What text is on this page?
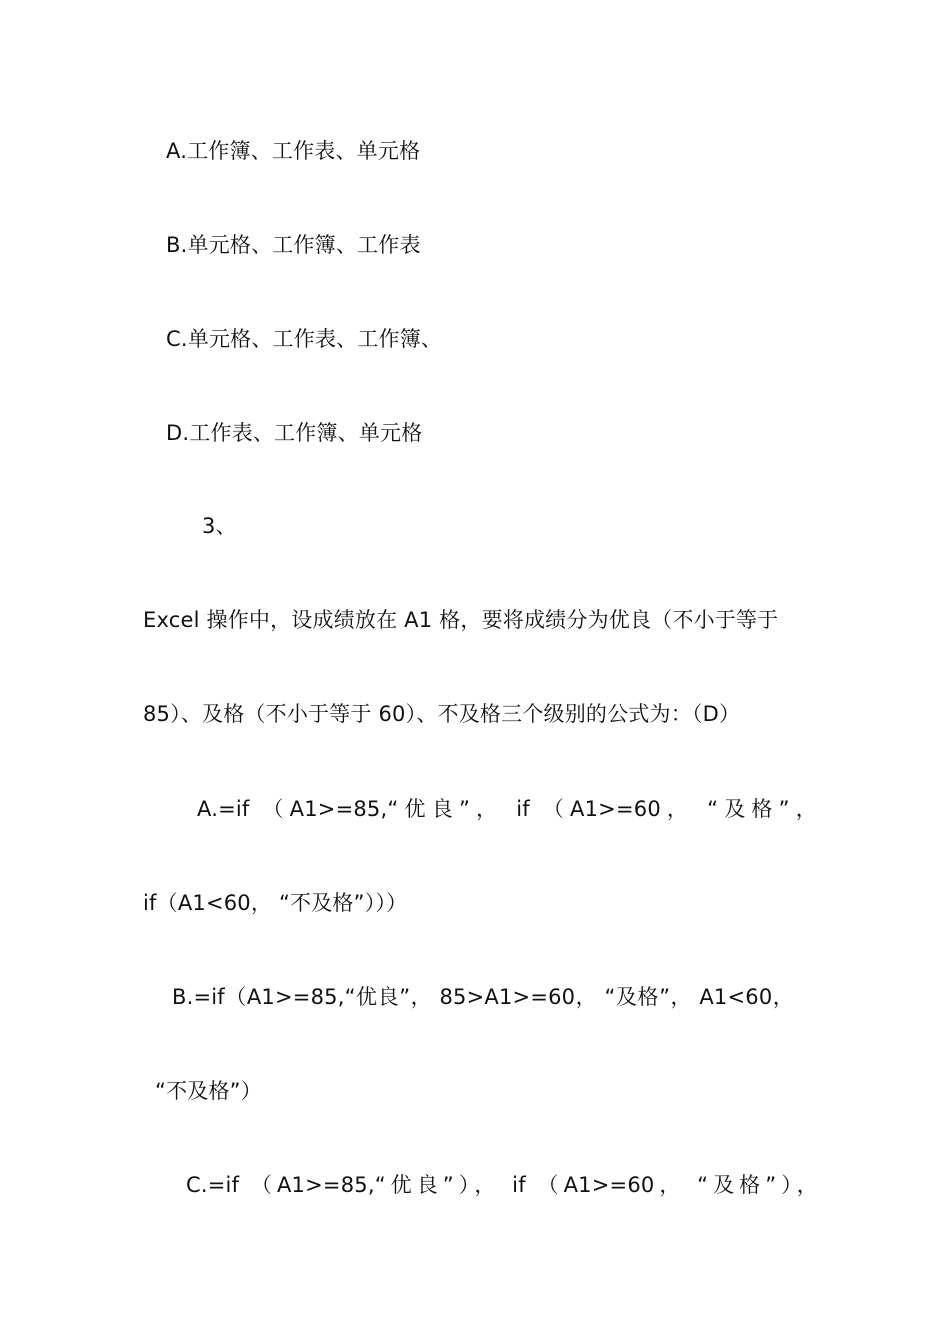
A.工作簿、工作表、单元格
B.单元格、工作簿、工作表
C.单元格、工作表、工作簿、
D.工作表、工作簿、单元格
3、
Excel 操作中，设成绩放在 A1 格，要将成绩分为优良（不小于等于
85）、及格（不小于等于 60）、不及格三个级别的公式为：（D）
A.=if （A1>=85,“优良”， if （A1>=60， “及格”，
if（A1<60， “不及格”）））
B.=if（A1>=85,“优良”， 85>A1>=60， “及格”， A1<60，
“不及格”）
C.=if （A1>=85,“优良”）， if （A1>=60， “及格”），
